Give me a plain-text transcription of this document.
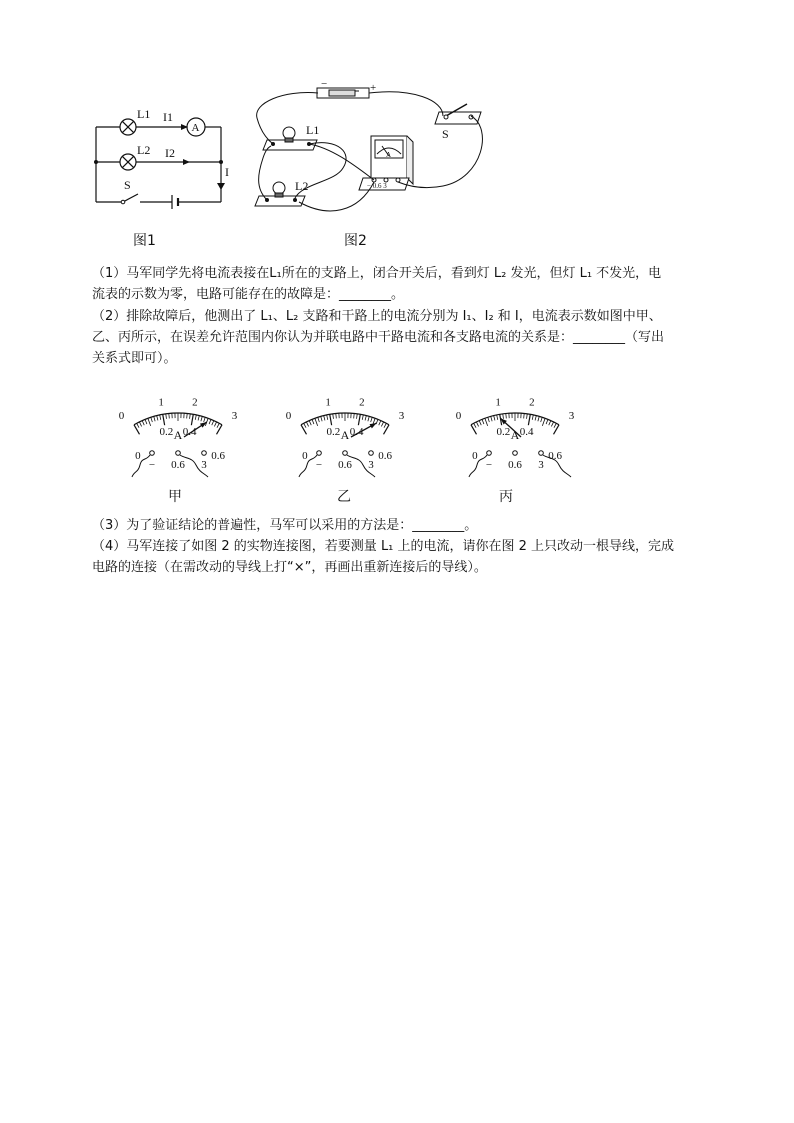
L1 I1
A
L2 I2
I
S
图1
−	+
L1
L2
S
A
− 0.6 3
图2
（1）马军同学先将电流表接在L₁所在的支路上，闭合开关后，看到灯 L₂ 发光，但灯 L₁ 不发光，电
流表的示数为零，电路可能存在的故障是：________。
（2）排除故障后，他测出了 L₁、L₂ 支路和干路上的电流分别为 I₁、I₂ 和 I，电流表示数如图中甲、
乙、丙所示，在误差允许范围内你认为并联电路中干路电流和各支路电流的关系是：________（写出
关系式即可）。
0
1	2
3
0
0.2 0.4
0.6
A
− 0.6 3
甲
0
1	2
3
0
0.2 0.4
0.6
A
− 0.6 3
乙
0
1	2
3
0
0.2 0.4
0.6
A
− 0.6 3
丙
（3）为了验证结论的普遍性，马军可以采用的方法是：________。
（4）马军连接了如图 2 的实物连接图，若要测量 L₁ 上的电流，请你在图 2 上只改动一根导线，完成
电路的连接（在需改动的导线上打“×”，再画出重新连接后的导线）。
